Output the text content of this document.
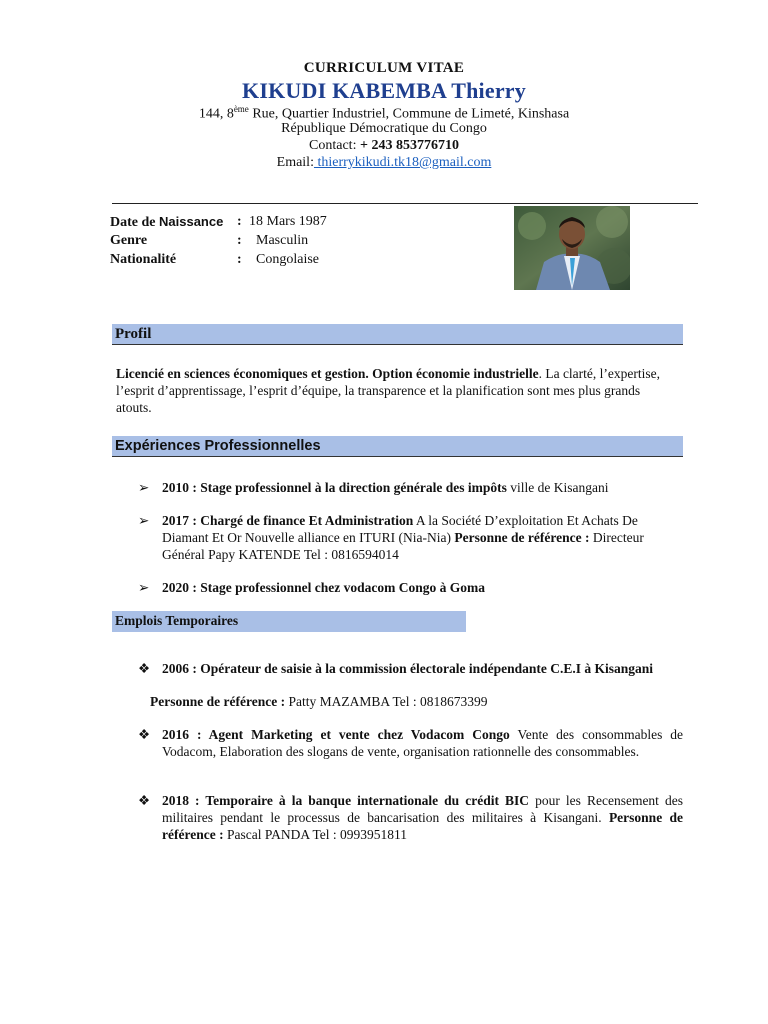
CURRICULUM VITAE
KIKUDI KABEMBA Thierry
144, 8ème Rue, Quartier Industriel, Commune de Limeté, Kinshasa
République Démocratique du Congo
Contact: + 243 853776710
Email: thierrykikudi.tk18@gmail.com
Date de Naissance : 18 Mars 1987
Genre	: Masculin
Nationalité	: Congolaise
Profil
Licencié en sciences économiques et gestion. Option économie industrielle. La clarté, l’expertise, l’esprit d’apprentissage, l’esprit d’équipe, la transparence et la planification sont mes plus grands atouts.
Expériences Professionnelles
➢ 2010 : Stage professionnel à la direction générale des impôts ville de Kisangani
➢ 2017 : Chargé de finance Et Administration A la Société D’exploitation Et Achats De Diamant Et Or Nouvelle alliance en ITURI (Nia-Nia) Personne de référence : Directeur Général Papy KATENDE Tel : 0816594014
➢ 2020 : Stage professionnel chez vodacom Congo à Goma
Emplois Temporaires
❖ 2006 : Opérateur de saisie à la commission électorale indépendante C.E.I à Kisangani
Personne de référence : Patty MAZAMBA Tel : 0818673399
❖ 2016 : Agent Marketing et vente chez Vodacom Congo Vente des consommables de Vodacom, Elaboration des slogans de vente, organisation rationnelle des consommables.
❖ 2018 : Temporaire à la banque internationale du crédit BIC pour les Recensement des militaires pendant le processus de bancarisation des militaires à Kisangani. Personne de référence : Pascal PANDA Tel : 0993951811
